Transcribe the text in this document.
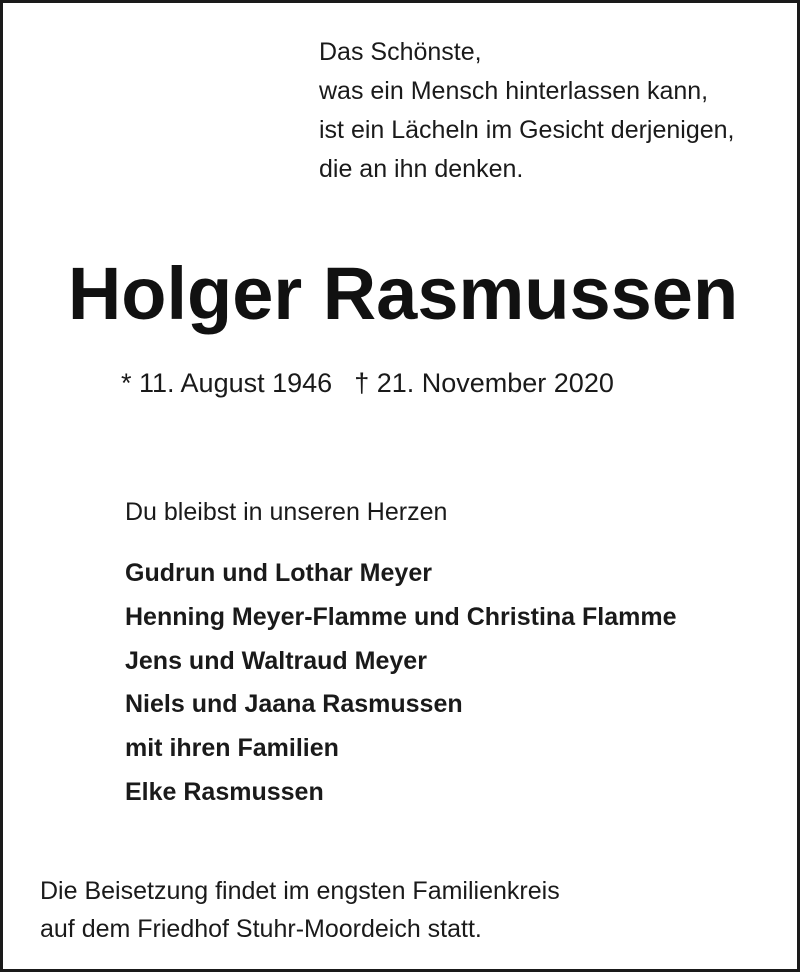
Das Schönste,
was ein Mensch hinterlassen kann,
ist ein Lächeln im Gesicht derjenigen,
die an ihn denken.
Holger Rasmussen
* 11. August 1946 † 21. November 2020
Du bleibst in unseren Herzen
Gudrun und Lothar Meyer
Henning Meyer-Flamme und Christina Flamme
Jens und Waltraud Meyer
Niels und Jaana Rasmussen
mit ihren Familien
Elke Rasmussen
Die Beisetzung findet im engsten Familienkreis
auf dem Friedhof Stuhr-Moordeich statt.
